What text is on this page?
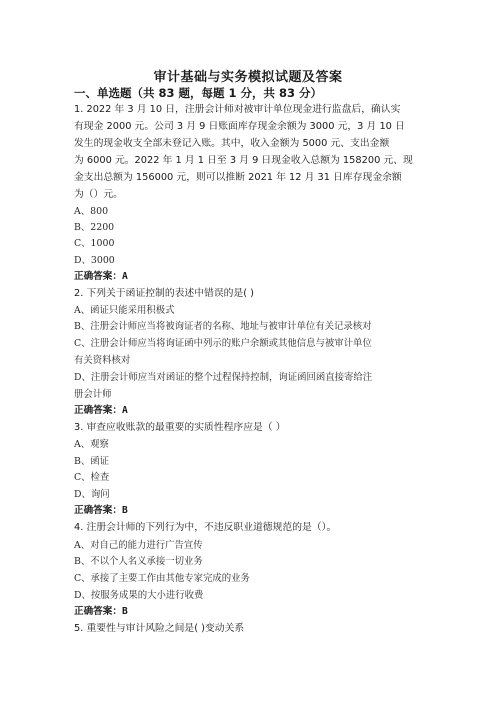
审计基础与实务模拟试题及答案
一、单选题（共 83 题，每题 1 分，共 83 分）
1. 2022 年 3 月 10 日，注册会计师对被审计单位现金进行监盘后，确认实
有现金 2000 元。公司 3 月 9 日账面库存现金余额为 3000 元，3 月 10 日
发生的现金收支全部未登记入账。其中，收入金额为 5000 元、支出金额
为 6000 元。2022 年 1 月 1 日至 3 月 9 日现金收入总额为 158200 元、现
金支出总额为 156000 元，则可以推断 2021 年 12 月 31 日库存现金余额
为（）元。
A、800
B、2200
C、1000
D、3000
正确答案：A
2. 下列关于函证控制的表述中错误的是( )
A、函证只能采用积极式
B、注册会计师应当将被询证者的名称、地址与被审计单位有关记录核对
C、注册会计师应当将询证函中列示的账户余额或其他信息与被审计单位
有关资料核对
D、注册会计师应当对函证的整个过程保持控制，询证函回函直接寄给注
册会计师
正确答案：A
3. 审查应收账款的最重要的实质性程序应是（ ）
A、观察
B、函证
C、检查
D、询问
正确答案：B
4. 注册会计师的下列行为中，不违反职业道德规范的是（）。
A、对自己的能力进行广告宣传
B、不以个人名义承接一切业务
C、承接了主要工作由其他专家完成的业务
D、按服务成果的大小进行收费
正确答案：B
5. 重要性与审计风险之间是( )变动关系
